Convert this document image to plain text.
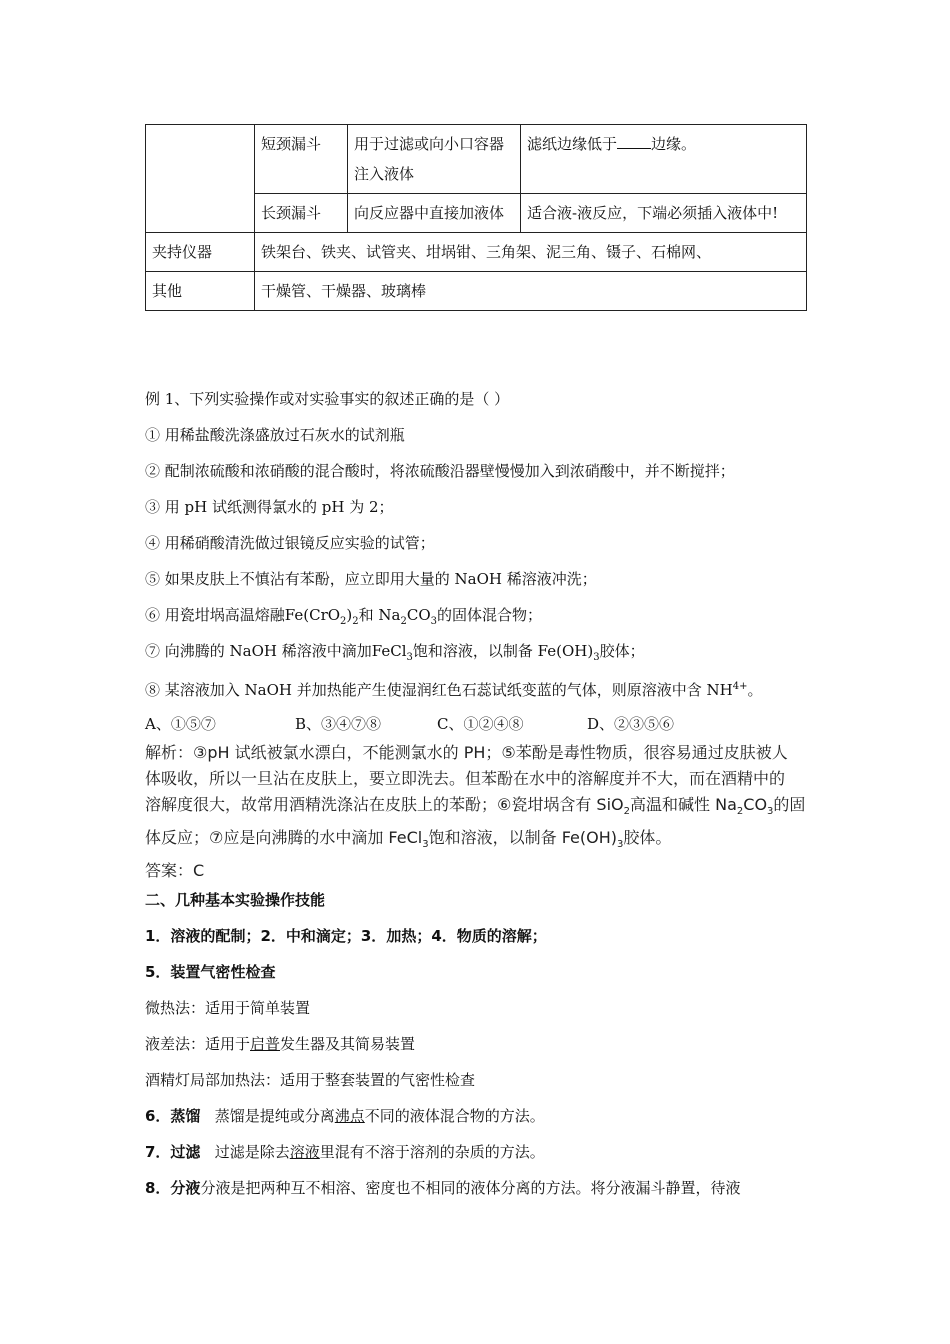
	短颈漏斗	用于过滤或向小口容器注入液体	滤纸边缘低于 边缘。
	长颈漏斗	向反应器中直接加液体	适合液-液反应，下端必须插入液体中!
夹持仪器	铁架台、铁夹、试管夹、坩埚钳、三角架、泥三角、镊子、石棉网、		
其他	干燥管、干燥器、玻璃棒		
例 1、下列实验操作或对实验事实的叙述正确的是（ ）
① 用稀盐酸洗涤盛放过石灰水的试剂瓶
② 配制浓硫酸和浓硝酸的混合酸时，将浓硫酸沿器壁慢慢加入到浓硝酸中，并不断搅拌；
③ 用 pH 试纸测得氯水的 pH 为 2；
④ 用稀硝酸清洗做过银镜反应实验的试管；
⑤ 如果皮肤上不慎沾有苯酚，应立即用大量的 NaOH 稀溶液冲洗；
⑥ 用瓷坩埚高温熔融$Fe(CrO_2)_2$和 $Na_2CO_3$的固体混合物；
⑦ 向沸腾的 NaOH 稀溶液中滴加FeCl$_3$饱和溶液，以制备 $Fe(OH)_3$胶体；
⑧ 某溶液加入 NaOH 并加热能产生使湿润红色石蕊试纸变蓝的气体，则原溶液中含 $NH^{4+}$。
A、①⑤⑦	B、③④⑦⑧	C、①②④⑧	D、②③⑤⑥
解析：③pH 试纸被氯水漂白，不能测氯水的 PH；⑤苯酚是毒性物质，很容易通过皮肤被人
体吸收，所以一旦沾在皮肤上，要立即洗去。但苯酚在水中的溶解度并不大，而在酒精中的
溶解度很大，故常用酒精洗涤沾在皮肤上的苯酚；⑥瓷坩埚含有 SiO$_2$高温和碱性 $Na_2CO_3$的固
体反应；⑦应是向沸腾的水中滴加 FeCl$_3$饱和溶液，以制备 $Fe(OH)_3$胶体。
答案：C
二、几种基本实验操作技能
1．溶液的配制；2．中和滴定；3．加热；4．物质的溶解；
5．装置气密性检查
微热法：适用于简单装置
液差法：适用于启普发生器及其简易装置
酒精灯局部加热法：适用于整套装置的气密性检查
6．蒸馏 蒸馏是提纯或分离沸点不同的液体混合物的方法。
7．过滤 过滤是除去溶液里混有不溶于溶剂的杂质的方法。
8．分液分液是把两种互不相溶、密度也不相同的液体分离的方法。将分液漏斗静置，待液
